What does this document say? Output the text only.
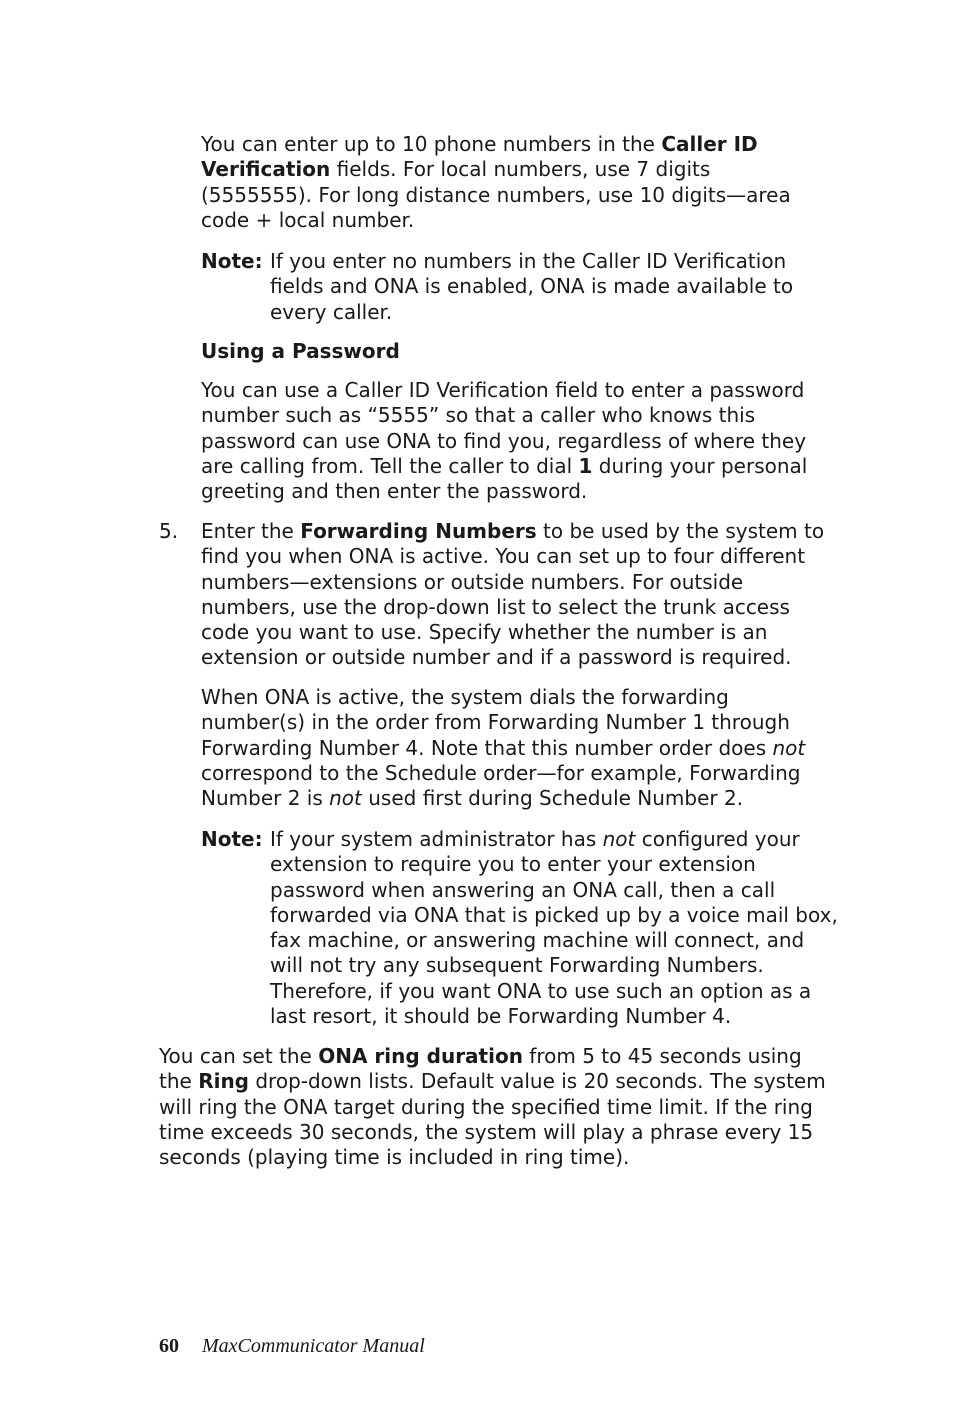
You can enter up to 10 phone numbers in the Caller ID
Verification fields. For local numbers, use 7 digits
(5555555). For long distance numbers, use 10 digits—area
code + local number.
Note: If you enter no numbers in the Caller ID Verification
fields and ONA is enabled, ONA is made available to
every caller.
Using a Password
You can use a Caller ID Verification field to enter a password
number such as “5555” so that a caller who knows this
password can use ONA to find you, regardless of where they
are calling from. Tell the caller to dial 1 during your personal
greeting and then enter the password.
5. Enter the Forwarding Numbers to be used by the system to
find you when ONA is active. You can set up to four different
numbers—extensions or outside numbers. For outside
numbers, use the drop-down list to select the trunk access
code you want to use. Specify whether the number is an
extension or outside number and if a password is required.
When ONA is active, the system dials the forwarding
number(s) in the order from Forwarding Number 1 through
Forwarding Number 4. Note that this number order does not
correspond to the Schedule order—for example, Forwarding
Number 2 is not used first during Schedule Number 2.
Note: If your system administrator has not configured your
extension to require you to enter your extension
password when answering an ONA call, then a call
forwarded via ONA that is picked up by a voice mail box,
fax machine, or answering machine will connect, and
will not try any subsequent Forwarding Numbers.
Therefore, if you want ONA to use such an option as a
last resort, it should be Forwarding Number 4.
You can set the ONA ring duration from 5 to 45 seconds using
the Ring drop-down lists. Default value is 20 seconds. The system
will ring the ONA target during the specified time limit. If the ring
time exceeds 30 seconds, the system will play a phrase every 15
seconds (playing time is included in ring time).
60 MaxCommunicator Manual
